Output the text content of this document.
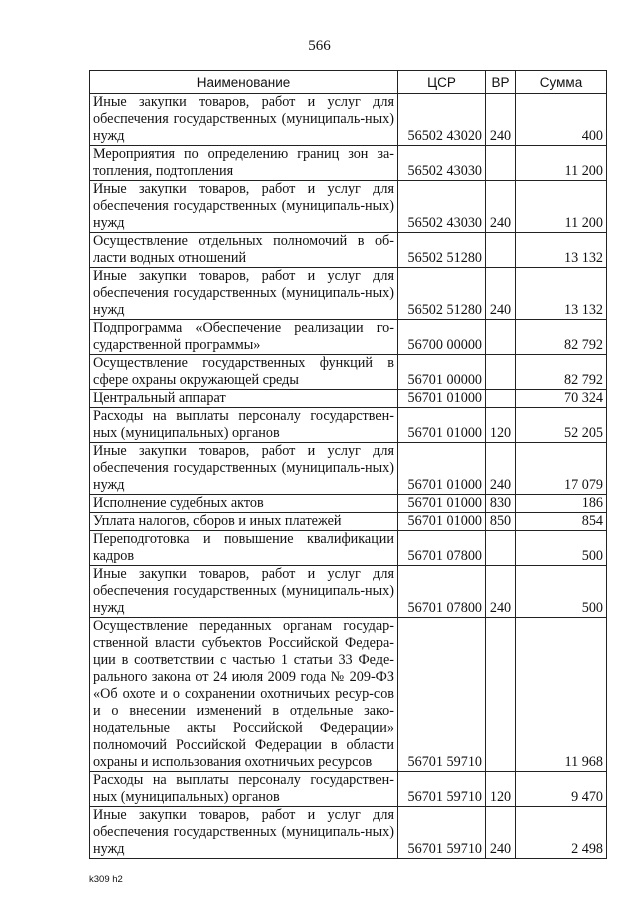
566
Наименование	ЦСР	ВР	Сумма
Иные закупки товаров, работ и услуг для обеспечения государственных (муниципаль-ных) нужд	56502 43020	240	400
Мероприятия по определению границ зон за-топления, подтопления	56502 43030		11 200
Иные закупки товаров, работ и услуг для обеспечения государственных (муниципаль-ных) нужд	56502 43030	240	11 200
Осуществление отдельных полномочий в об-ласти водных отношений	56502 51280		13 132
Иные закупки товаров, работ и услуг для обеспечения государственных (муниципаль-ных) нужд	56502 51280	240	13 132
Подпрограмма «Обеспечение реализации го-сударственной программы»	56700 00000		82 792
Осуществление государственных функций в сфере охраны окружающей среды	56701 00000		82 792
Центральный аппарат	56701 01000		70 324
Расходы на выплаты персоналу государствен-ных (муниципальных) органов	56701 01000	120	52 205
Иные закупки товаров, работ и услуг для обеспечения государственных (муниципаль-ных) нужд	56701 01000	240	17 079
Исполнение судебных актов	56701 01000	830	186
Уплата налогов, сборов и иных платежей	56701 01000	850	854
Переподготовка и повышение квалификации кадров	56701 07800		500
Иные закупки товаров, работ и услуг для обеспечения государственных (муниципаль-ных) нужд	56701 07800	240	500
Осуществление переданных органам государ-ственной власти субъектов Российской Федера-ции в соответствии с частью 1 статьи 33 Феде-рального закона от 24 июля 2009 года № 209-ФЗ «Об охоте и о сохранении охотничьих ресур-сов и о внесении изменений в отдельные зако-нодательные акты Российской Федерации» полномочий Российской Федерации в области охраны и использования охотничьих ресурсов	56701 59710		11 968
Расходы на выплаты персоналу государствен-ных (муниципальных) органов	56701 59710	120	9 470
Иные закупки товаров, работ и услуг для обеспечения государственных (муниципаль-ных) нужд	56701 59710	240	2 498
k309 h2
